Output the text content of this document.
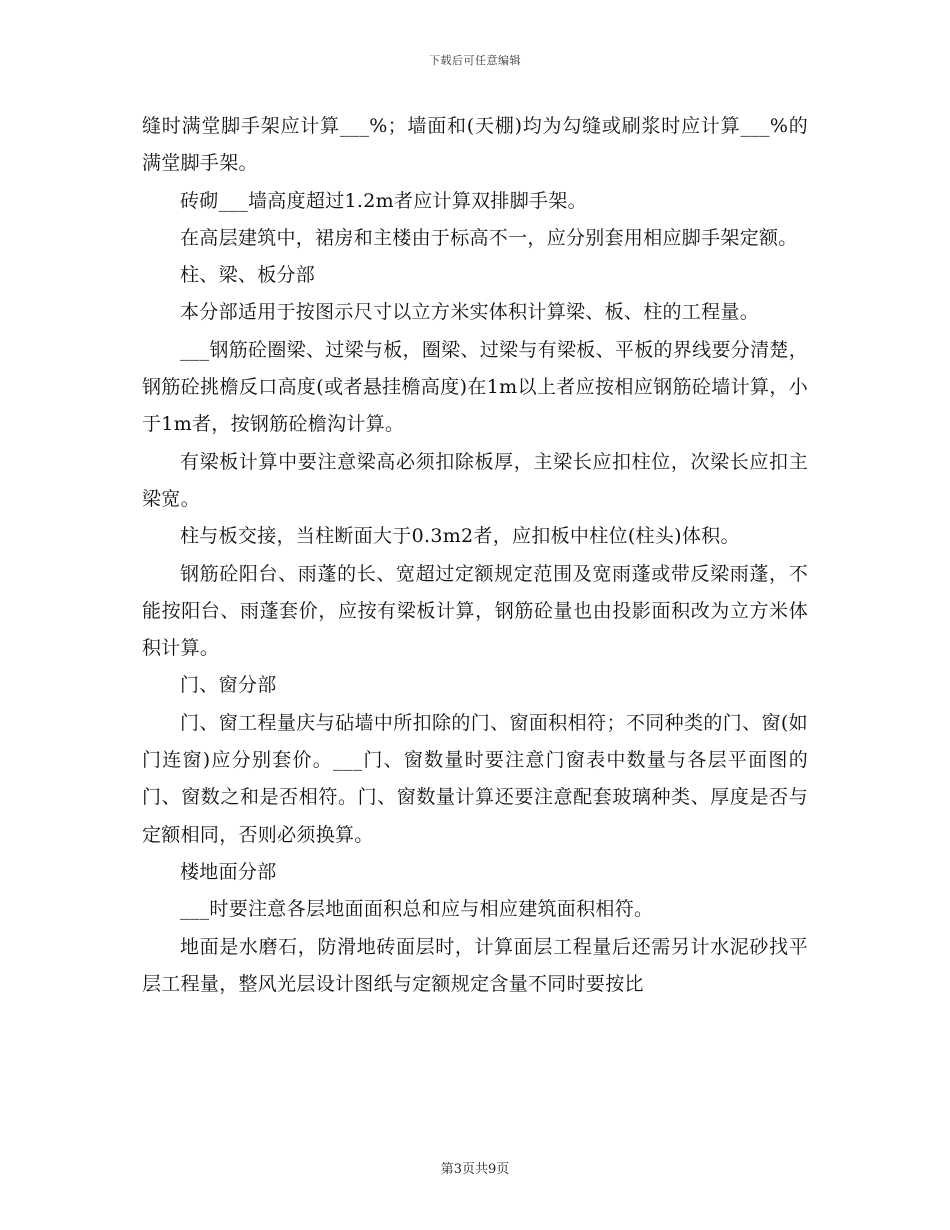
下载后可任意编辑

缝时满堂脚手架应计算___%；墙面和(天棚)均为勾缝或刷浆时应计算___%的满堂脚手架。

砖砌___墙高度超过1.2m者应计算双排脚手架。

在高层建筑中，裙房和主楼由于标高不一，应分别套用相应脚手架定额。

柱、梁、板分部

本分部适用于按图示尺寸以立方米实体积计算梁、板、柱的工程量。

___钢筋砼圈梁、过梁与板，圈梁、过梁与有梁板、平板的界线要分清楚，钢筋砼挑檐反口高度(或者悬挂檐高度)在1m以上者应按相应钢筋砼墙计算，小于1m者，按钢筋砼檐沟计算。

有梁板计算中要注意梁高必须扣除板厚，主梁长应扣柱位，次梁长应扣主梁宽。

柱与板交接，当柱断面大于0.3m2者，应扣板中柱位(柱头)体积。

钢筋砼阳台、雨蓬的长、宽超过定额规定范围及宽雨蓬或带反梁雨蓬，不能按阳台、雨蓬套价，应按有梁板计算，钢筋砼量也由投影面积改为立方米体积计算。

门、窗分部

门、窗工程量庆与砧墙中所扣除的门、窗面积相符；不同种类的门、窗(如门连窗)应分别套价。___门、窗数量时要注意门窗表中数量与各层平面图的门、窗数之和是否相符。门、窗数量计算还要注意配套玻璃种类、厚度是否与定额相同，否则必须换算。

楼地面分部

___时要注意各层地面面积总和应与相应建筑面积相符。

地面是水磨石，防滑地砖面层时，计算面层工程量后还需另计水泥砂找平层工程量，整风光层设计图纸与定额规定含量不同时要按比

第3页共9页
